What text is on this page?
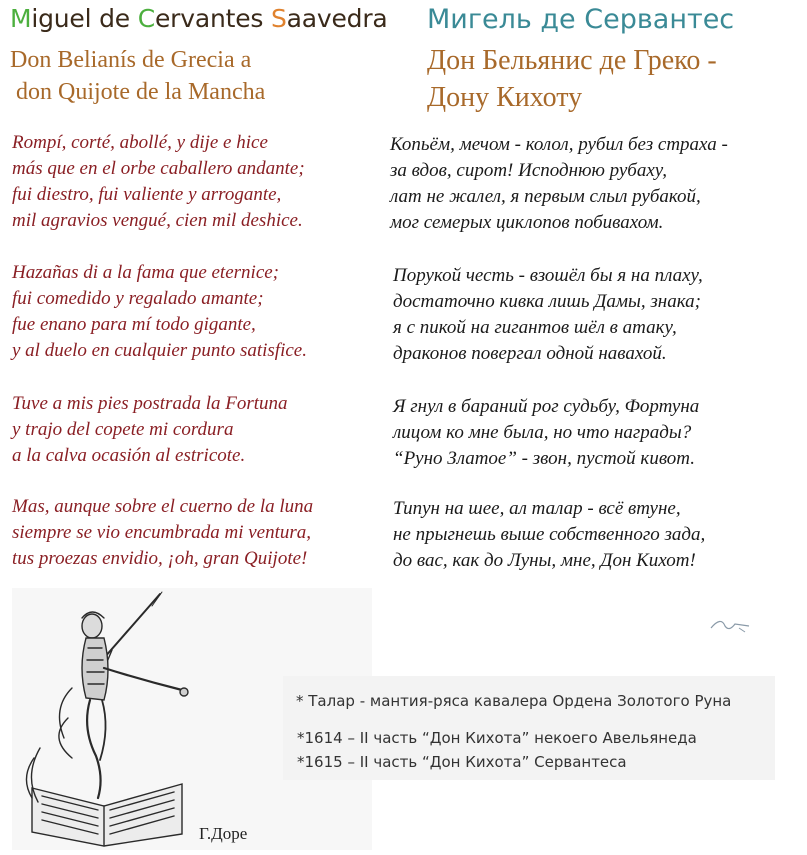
Miguel de Cervantes Saavedra Мигель де Сервантес
Don Belianís de Grecia a
don Quijote de la Mancha
Дон Бельянис де Греко -
Дону Кихоту
Rompí, corté, abollé, y dije e hice
más que en el orbe caballero andante;
fui diestro, fui valiente y arrogante,
mil agravios vengué, cien mil deshice.
Hazañas di a la fama que eternice;
fui comedido y regalado amante;
fue enano para mí todo gigante,
y al duelo en cualquier punto satisfice.
Tuve a mis pies postrada la Fortuna
y trajo del copete mi cordura
a la calva ocasión al estricote.
Mas, aunque sobre el cuerno de la luna
siempre se vio encumbrada mi ventura,
tus proezas envidio, ¡oh, gran Quijote!
Копьём, мечом - колол, рубил без страха -
за вдов, сирот! Исподнюю рубаху,
лат не жалел, я первым слыл рубакой,
мог семерых циклопов побивахом.
Порукой честь - взошёл бы я на плаху,
достаточно кивка лишь Дамы, знака;
я с пикой на гигантов шёл в атаку,
драконов повергал одной навахой.
Я гнул в бараний рог судьбу, Фортуна
лицом ко мне была, но что награды?
“Руно Златое” - звон, пустой кивот.
Типун на шее, ал талар - всё втуне,
не прыгнешь выше собственного зада,
до вас, как до Луны, мне, Дон Кихот!
Г.Доре
* Талар - мантия-ряса кавалера Ордена Золотого Руна
*1614 – II часть “Дон Кихота” некоего Авельянеда
*1615 – II часть “Дон Кихота” Сервантеса
